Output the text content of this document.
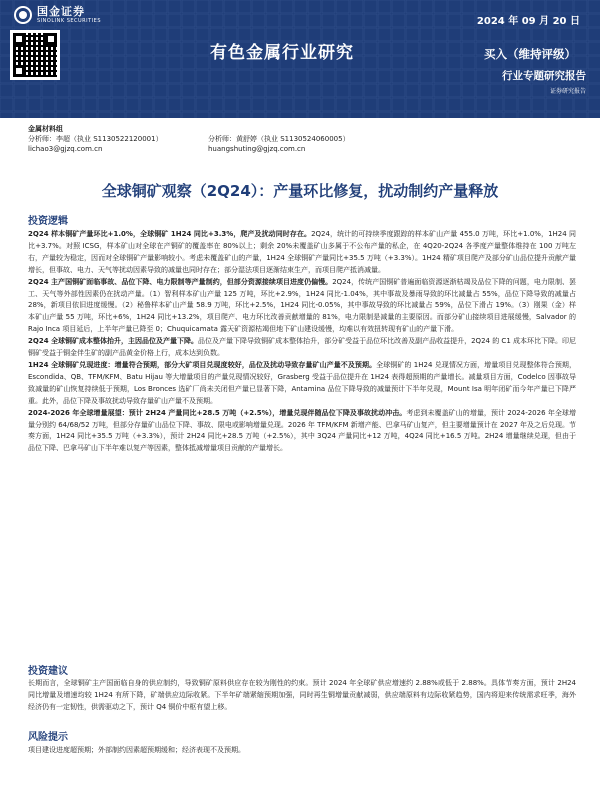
国金证券
SINOLINK SECURITIES	2024 年 09 月 20 日
有色金属行业研究	买入（维持评级）
行业专题研究报告
证券研究报告
金属材料组
分析师：李超（执业 S1130522120001）
lichao3@gjzq.com.cn
分析师：黄舒婷（执业 S1130524060005）
huangshuting@gjzq.com.cn
全球铜矿观察（2Q24）：产量环比修复，扰动制约产量释放
投资逻辑

2Q24 样本铜矿产量环比+1.0%，全球铜矿 1H24 同比+3.3%，爬产及扰动同时存在。2Q24，统计的可持续季度跟踪的样本矿山产量 455.0 万吨，环比+1.0%，1H24 同比+3.7%。对照 ICSG，样本矿山对全球在产铜矿的覆盖率在 80%以上；剩余 20%未覆盖矿山多属于不公布产量的私企，在 4Q20-2Q24 各季度产量整体维持在 100 万吨左右，产量较为稳定，因而对全球铜矿产量影响较小。考虑未覆盖矿山的产量，1H24 全球铜矿产量同比+35.5 万吨（+3.3%）。1H24 精矿项目爬产及部分矿山品位提升贡献产量增长，但事故、电力、天气等扰动因素导致的减量也同时存在；部分湿法项目逐渐结束生产，而项目爬产抵消减量。

2Q24 主产国铜矿面临事故、品位下降、电力限制等产量制约，但部分资源接续项目进度仍偏慢。2Q24，传统产国铜矿普遍面临资源逐渐枯竭及品位下降的问题，电力限制、罢工、天气等外部性因素仍在扰动产量。（1）智利样本矿山产量 125 万吨，环比+2.9%，1H24 同比-1.04%，其中事故及暴雨导致的环比减量占 55%，品位下降导致的减量占 28%，新项目依旧进度缓慢。（2）秘鲁样本矿山产量 58.9 万吨，环比+2.5%，1H24 同比-0.05%，其中事故导致的环比减量占 59%，品位下滑占 19%。（3）刚果（金）样本矿山产量 55 万吨，环比+6%，1H24 同比+13.2%，项目爬产、电力环比改善贡献增量的 81%，电力限制是减量的主要原因。而部分矿山接续项目进展缓慢，Salvador 的 Rajo Inca 项目延后，上半年产量已降至 0；Chuquicamata 露天矿资源枯竭但地下矿山建设缓慢，均难以有效扭转现有矿山的产量下滑。

2Q24 全球铜矿成本整体抬升，主因品位及产量下降。品位及产量下降导致铜矿成本整体抬升，部分矿受益于品位环比改善及副产品收益提升，2Q24 的 C1 成本环比下降。印尼铜矿受益于铜金伴生矿的副产品黄金价格上行，成本达到负数。

1H24 全球铜矿兑现进度：增量符合预期，部分大矿项目兑现度较好，品位及扰动导致存量矿山产量不及预期。全球铜矿的 1H24 兑现情况方面，增量项目兑现整体符合预期，Escondida、QB、TFM/KFM、Batu Hijau 等大增量项目的产量兑现情况较好，Grasberg 受益于品位提升在 1H24 表得超预期的产量增长。减量项目方面，Codelco 因事故导致减量的矿山恢复持续低于预期，Los Bronces 选矿厂尚未关闭但产量已显著下降，Antamina 品位下降导致的减量预计下半年兑现，Mount Isa 明年闭矿而今年产量已下降严重。此外，品位下降及事故扰动导致存量矿山产量不及预期。

2024-2026 年全球增量展望：预计 2H24 产量同比+28.5 万吨（+2.5%），增量兑现伴随品位下降及事故扰动冲击。考虑到未覆盖矿山的增量，预计 2024-2026 年全球增量分别约 64/68/52 万吨，但部分存量矿山品位下降、事故、限电或影响增量兑现。2026 年 TFM/KFM 新增产能、巴拿马矿山复产，但主要增量预计在 2027 年及之后兑现。节奏方面，1H24 同比+35.5 万吨（+3.3%），预计 2H24 同比+28.5 万吨（+2.5%），其中 3Q24 产量同比+12 万吨，4Q24 同比+16.5 万吨。2H24 增量继续兑现，但由于品位下降、巴拿马矿山下半年难以复产等因素，整体抵减增量项目贡献的产量增长。

投资建议

长期而言，全球铜矿主产国面临自身的供应制约，导致铜矿原料供应存在较为刚性的约束。预计 2024 年全球矿供应增速约 2.88%或低于 2.88%。具体节奏方面，预计 2H24 同比增量及增速均较 1H24 有所下降，矿端供应边际收紧。下半年矿端紧缩预期加强，同时再生铜增量贡献减弱，供应端原料有边际收紧趋势，国内将迎来传统需求旺季，海外经济仍有一定韧性，供需驱动之下，预计 Q4 铜价中枢有望上移。

风险提示

项目建设进度超预期；外部制约因素超预期缓和；经济表现不及预期。
